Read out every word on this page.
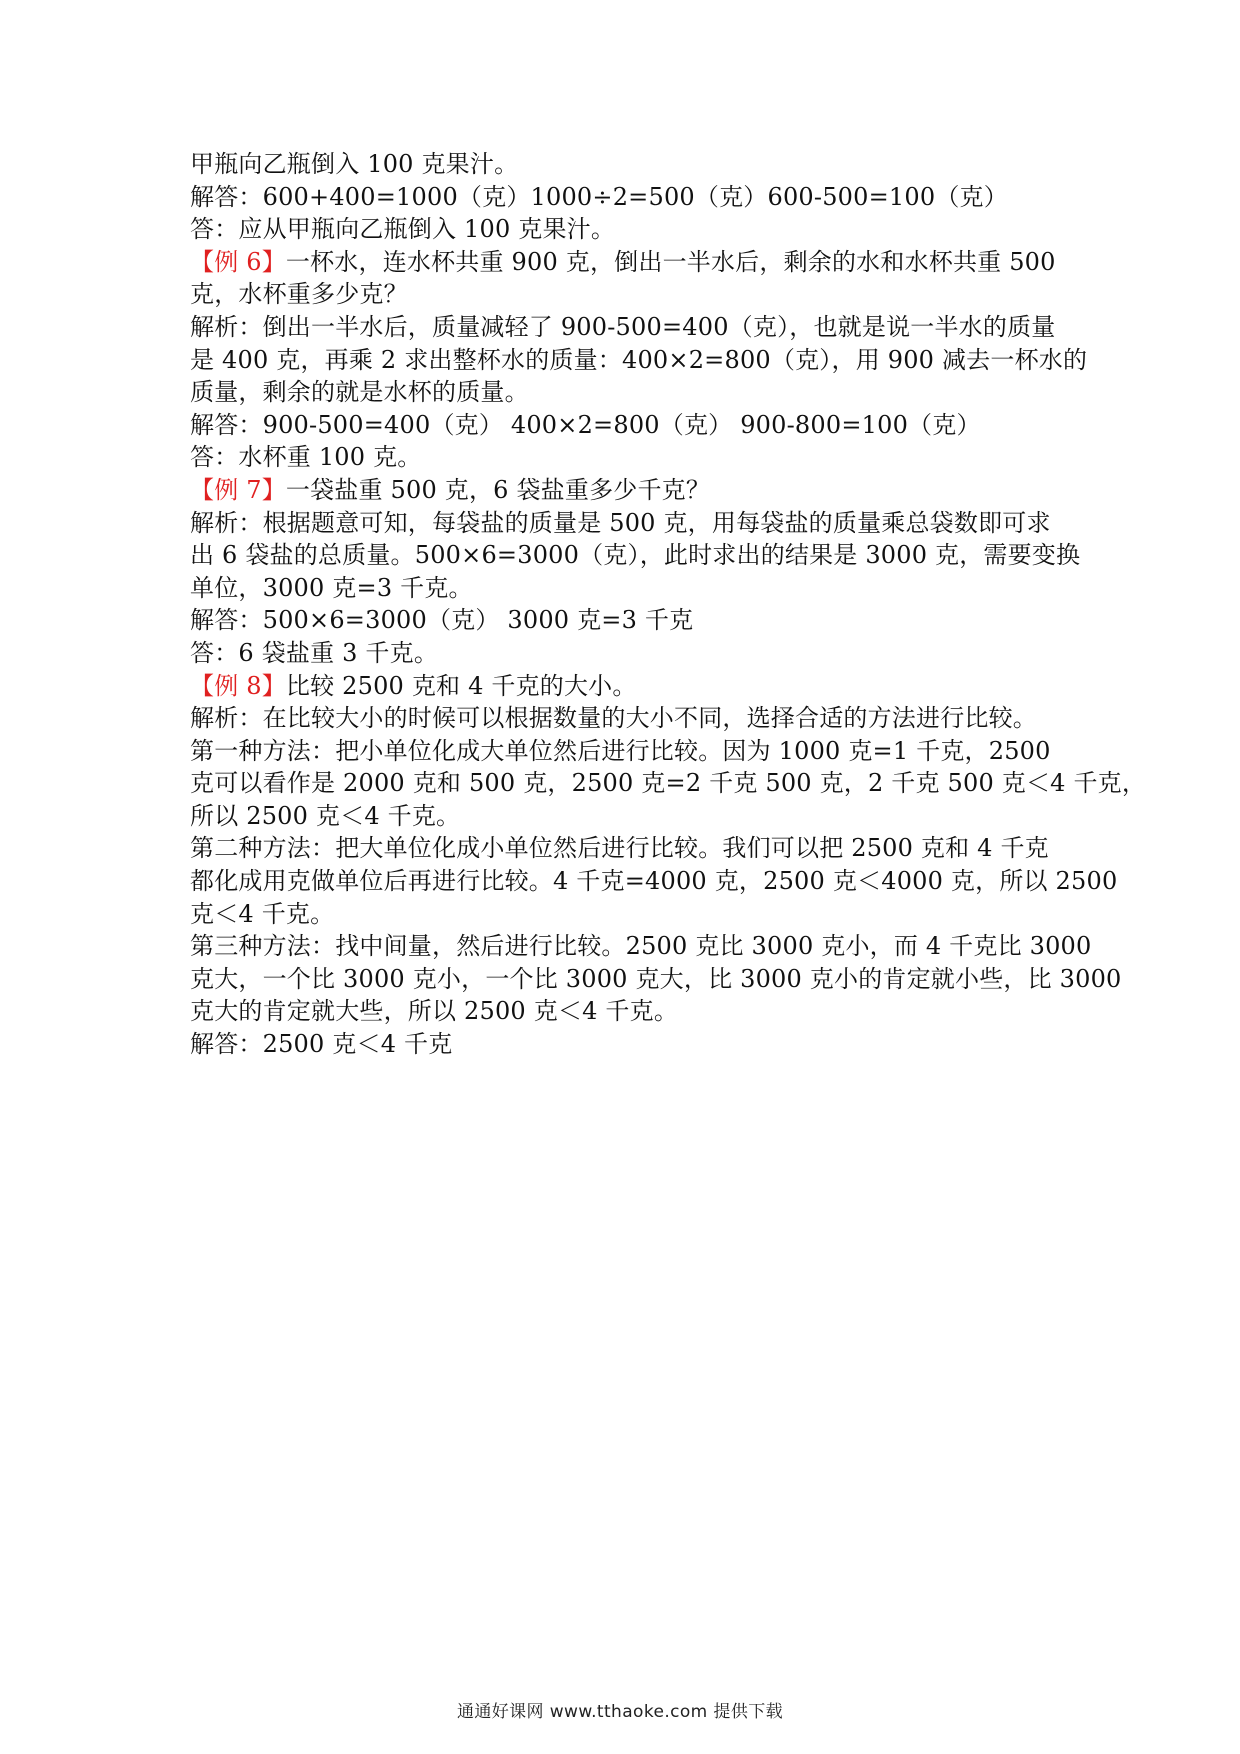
甲瓶向乙瓶倒入 100 克果汁。
解答：600+400=1000（克）1000÷2=500（克）600-500=100（克）
答：应从甲瓶向乙瓶倒入 100 克果汁。
【例 6】一杯水，连水杯共重 900 克，倒出一半水后，剩余的水和水杯共重 500
克，水杯重多少克？
解析：倒出一半水后，质量减轻了 900-500=400（克），也就是说一半水的质量
是 400 克，再乘 2 求出整杯水的质量：400×2=800（克），用 900 减去一杯水的
质量，剩余的就是水杯的质量。
解答：900-500=400（克） 400×2=800（克） 900-800=100（克）
答：水杯重 100 克。
【例 7】一袋盐重 500 克，6 袋盐重多少千克？
解析：根据题意可知，每袋盐的质量是 500 克，用每袋盐的质量乘总袋数即可求
出 6 袋盐的总质量。500×6=3000（克），此时求出的结果是 3000 克，需要变换
单位，3000 克=3 千克。
解答：500×6=3000（克） 3000 克=3 千克
答：6 袋盐重 3 千克。
【例 8】比较 2500 克和 4 千克的大小。
解析：在比较大小的时候可以根据数量的大小不同，选择合适的方法进行比较。
第一种方法：把小单位化成大单位然后进行比较。因为 1000 克=1 千克，2500
克可以看作是 2000 克和 500 克，2500 克=2 千克 500 克，2 千克 500 克＜4 千克，
所以 2500 克＜4 千克。
第二种方法：把大单位化成小单位然后进行比较。我们可以把 2500 克和 4 千克
都化成用克做单位后再进行比较。4 千克=4000 克，2500 克＜4000 克，所以 2500
克＜4 千克。
第三种方法：找中间量，然后进行比较。2500 克比 3000 克小，而 4 千克比 3000
克大，一个比 3000 克小，一个比 3000 克大，比 3000 克小的肯定就小些，比 3000
克大的肯定就大些，所以 2500 克＜4 千克。
解答：2500 克＜4 千克
通通好课网 www.tthaoke.com 提供下载
